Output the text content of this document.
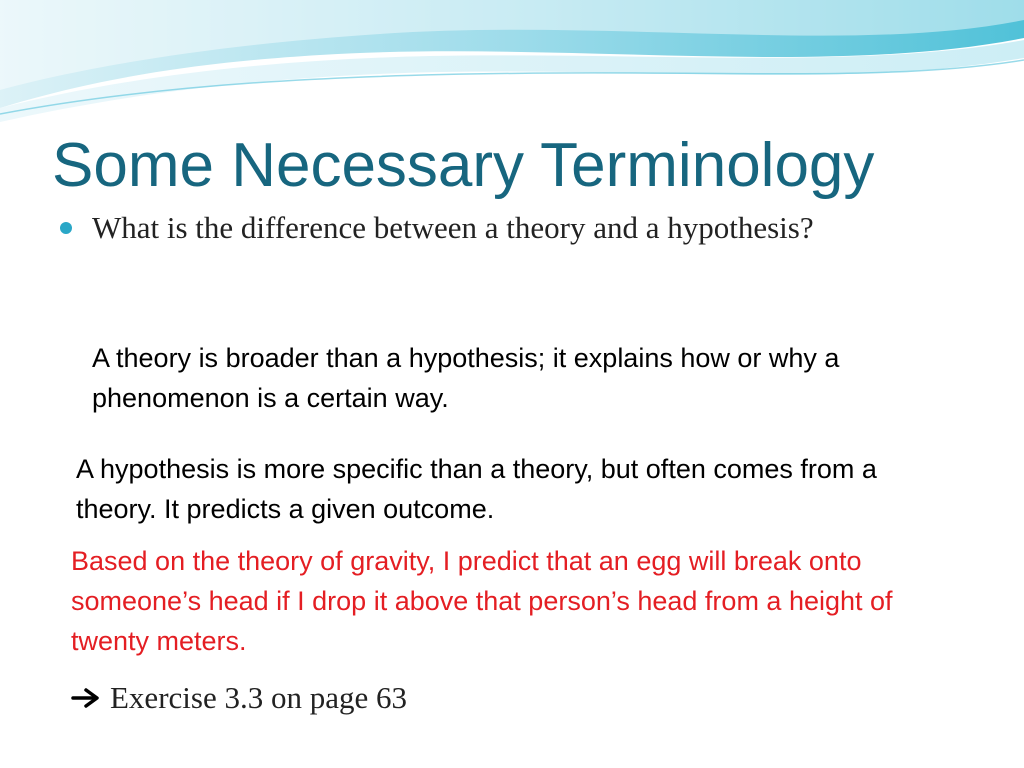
Some Necessary Terminology
What is the difference between a theory and a hypothesis?
A theory is broader than a hypothesis; it explains how or why a phenomenon is a certain way.
A hypothesis is more specific than a theory, but often comes from a theory. It predicts a given outcome.
Based on the theory of gravity, I predict that an egg will break onto someone’s head if I drop it above that person’s head from a height of twenty meters.
Exercise 3.3 on page 63
